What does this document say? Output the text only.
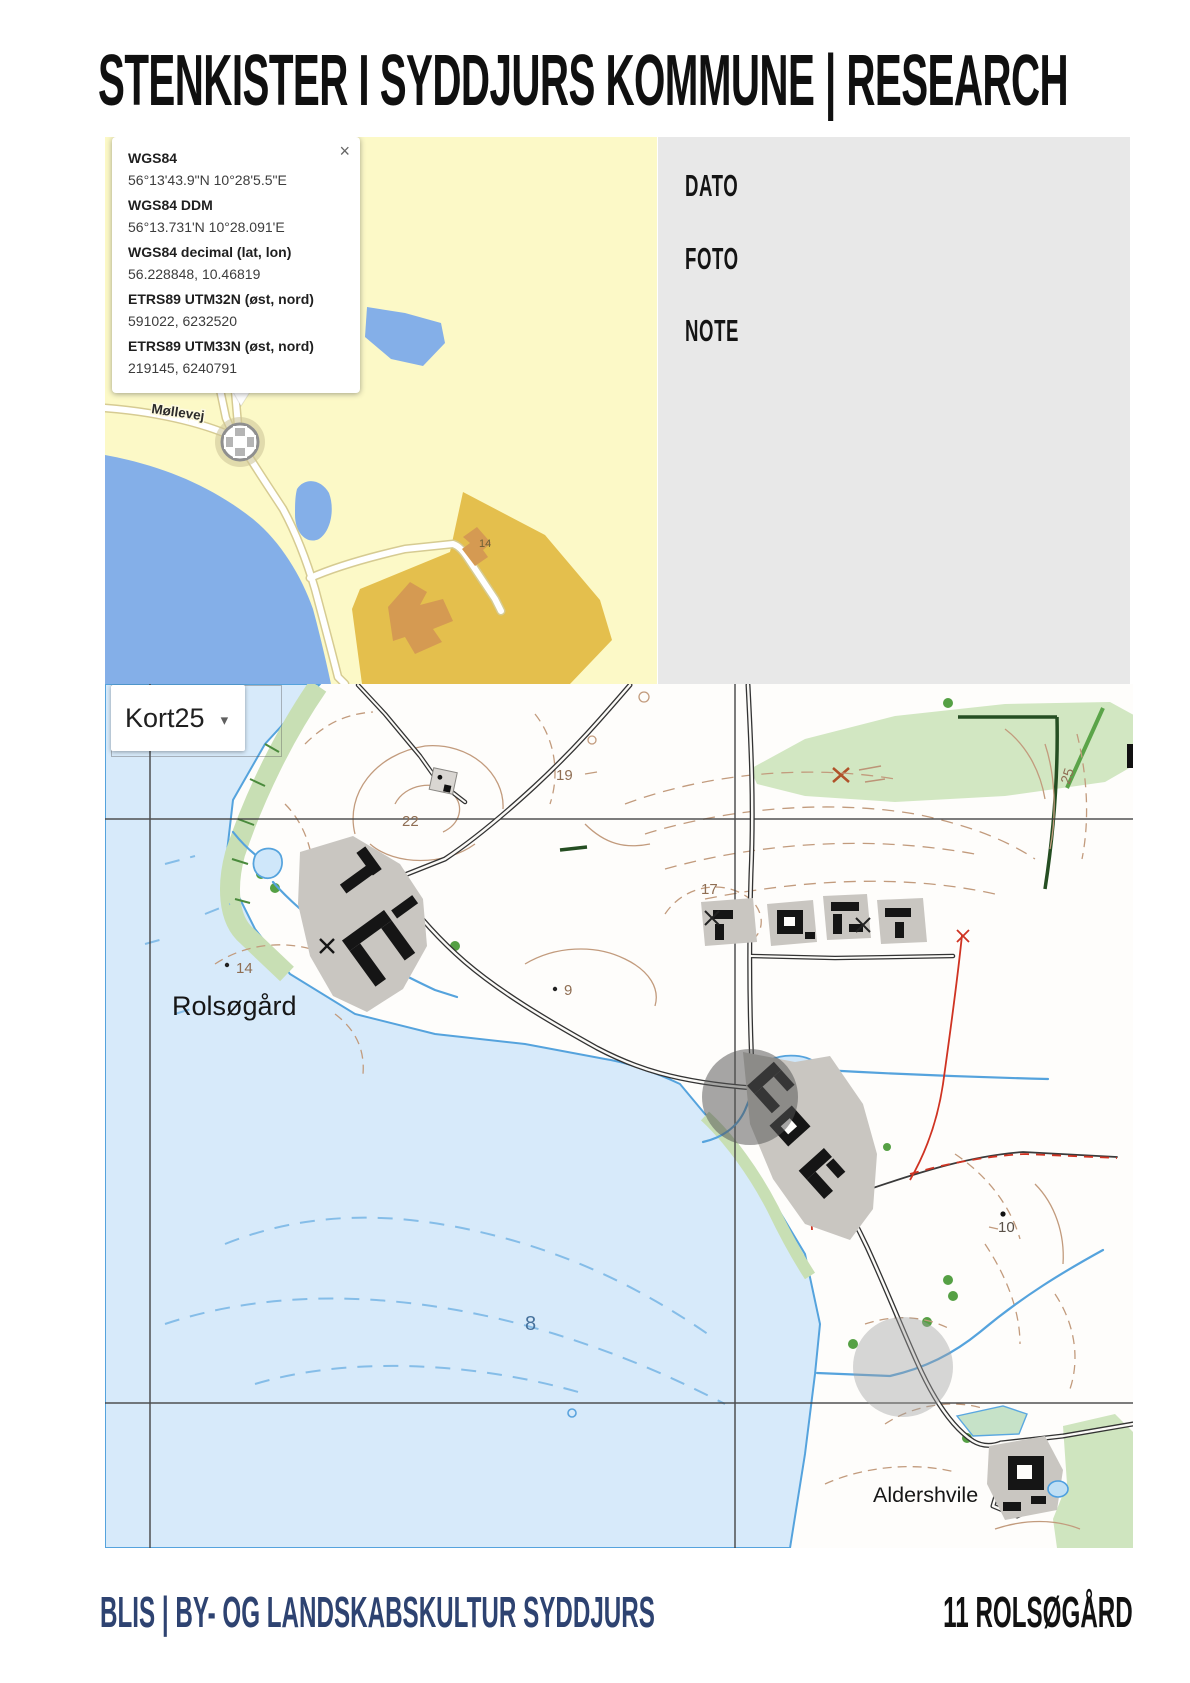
STENKISTER I SYDDJURS KOMMUNE | RESEARCH
14
Møllevej
×
WGS84
56°13'43.9"N 10°28'5.5"E
WGS84 DDM
56°13.731'N 10°28.091'E
WGS84 decimal (lat, lon)
56.228848, 10.46819
ETRS89 UTM32N (øst, nord)
591022, 6232520
ETRS89 UTM33N (øst, nord)
219145, 6240791
DATO
FOTO
NOTE
19
22
17
14
9
10
25
8
Rolsøgård
Aldershvile
Kort25 ▾
BLIS | BY- OG LANDSKABSKULTUR SYDDJURS	11 ROLSØGÅRD
